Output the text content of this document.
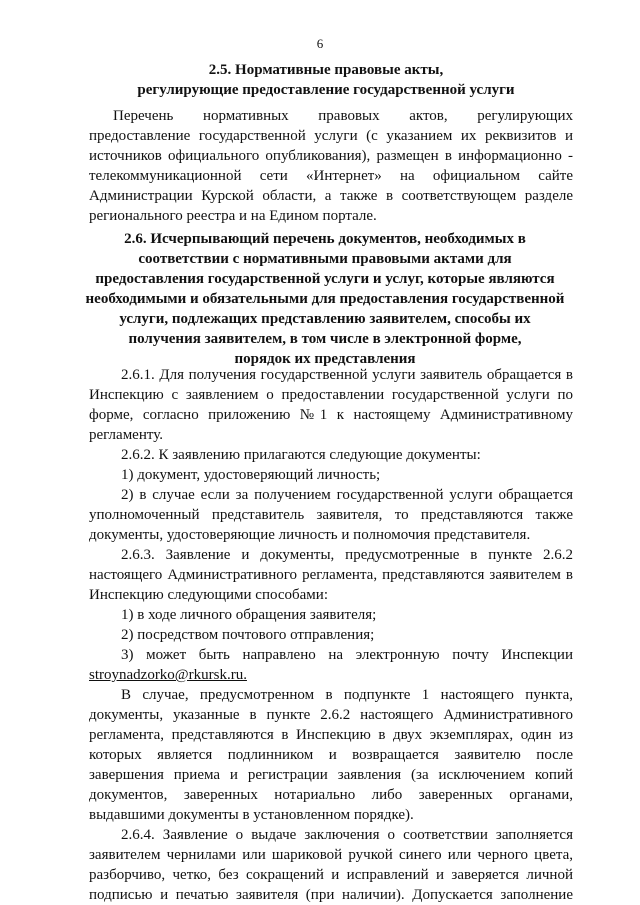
6
2.5. Нормативные правовые акты,
регулирующие предоставление государственной услуги
Перечень нормативных правовых актов, регулирующих
предоставление государственной услуги (с указанием их реквизитов и
источников официального опубликования), размещен в информационно -
телекоммуникационной сети «Интернет» на официальном сайте
Администрации Курской области, а также в соответствующем разделе
регионального реестра и на Едином портале.
2.6. Исчерпывающий перечень документов, необходимых в
соответствии с нормативными правовыми актами для
предоставления государственной услуги и услуг, которые являются
необходимыми и обязательными для предоставления государственной
услуги, подлежащих представлению заявителем, способы их
получения заявителем, в том числе в электронной форме,
порядок их представления
2.6.1. Для получения государственной услуги заявитель обращается в
Инспекцию с заявлением о предоставлении государственной услуги по
форме, согласно приложению №1 к настоящему Административному
регламенту.
2.6.2. К заявлению прилагаются следующие документы:
1) документ, удостоверяющий личность;
2) в случае если за получением государственной услуги обращается
уполномоченный представитель заявителя, то представляются также
документы, удостоверяющие личность и полномочия представителя.
2.6.3. Заявление и документы, предусмотренные в пункте 2.6.2
настоящего Административного регламента, представляются заявителем в
Инспекцию следующими способами:
1) в ходе личного обращения заявителя;
2) посредством почтового отправления;
3) может быть направлено на электронную почту Инспекции
stroynadzorko@rkursk.ru.
В случае, предусмотренном в подпункте 1 настоящего пункта,
документы, указанные в пункте 2.6.2 настоящего Административного
регламента, представляются в Инспекцию в двух экземплярах, один из
которых является подлинником и возвращается заявителю после
завершения приема и регистрации заявления (за исключением копий
документов, заверенных нотариально либо заверенных органами,
выдавшими документы в установленном порядке).
2.6.4. Заявление о выдаче заключения о соответствии заполняется
заявителем чернилами или шариковой ручкой синего или черного цвета,
разборчиво, четко, без сокращений и исправлений и заверяется личной
подписью и печатью заявителя (при наличии). Допускается заполнение
